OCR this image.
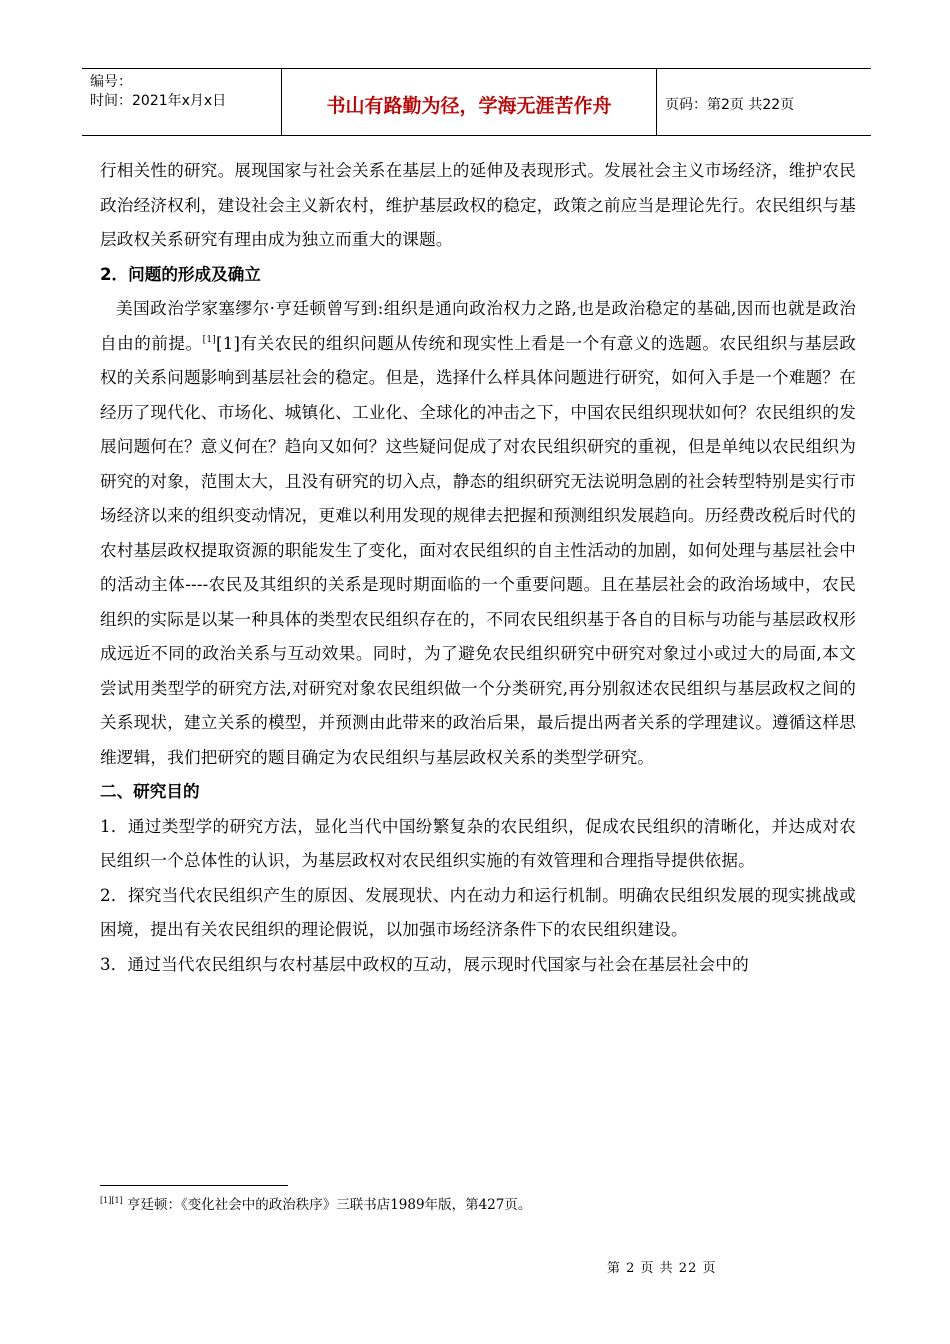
编号：
时间：2021年x月x日	书山有路勤为径，学海无涯苦作舟	页码：第2页 共22页

行相关性的研究。展现国家与社会关系在基层上的延伸及表现形式。发展社会主义市场经济，维护农民政治经济权利，建设社会主义新农村，维护基层政权的稳定，政策之前应当是理论先行。农民组织与基层政权关系研究有理由成为独立而重大的课题。

2．问题的形成及确立

美国政治学家塞缪尔·亨廷顿曾写到:组织是通向政治权力之路,也是政治稳定的基础,因而也就是政治自由的前提。[1][1]有关农民的组织问题从传统和现实性上看是一个有意义的选题。农民组织与基层政权的关系问题影响到基层社会的稳定。但是，选择什么样具体问题进行研究，如何入手是一个难题？在经历了现代化、市场化、城镇化、工业化、全球化的冲击之下，中国农民组织现状如何？农民组织的发展问题何在？意义何在？趋向又如何？这些疑问促成了对农民组织研究的重视，但是单纯以农民组织为研究的对象，范围太大，且没有研究的切入点，静态的组织研究无法说明急剧的社会转型特别是实行市场经济以来的组织变动情况，更难以利用发现的规律去把握和预测组织发展趋向。历经费改税后时代的农村基层政权提取资源的职能发生了变化，面对农民组织的自主性活动的加剧，如何处理与基层社会中的活动主体----农民及其组织的关系是现时期面临的一个重要问题。且在基层社会的政治场域中，农民组织的实际是以某一种具体的类型农民组织存在的，不同农民组织基于各自的目标与功能与基层政权形成远近不同的政治关系与互动效果。同时，为了避免农民组织研究中研究对象过小或过大的局面,本文尝试用类型学的研究方法,对研究对象农民组织做一个分类研究,再分别叙述农民组织与基层政权之间的关系现状，建立关系的模型，并预测由此带来的政治后果，最后提出两者关系的学理建议。遵循这样思维逻辑，我们把研究的题目确定为农民组织与基层政权关系的类型学研究。

二、研究目的

1．通过类型学的研究方法，显化当代中国纷繁复杂的农民组织，促成农民组织的清晰化，并达成对农民组织一个总体性的认识，为基层政权对农民组织实施的有效管理和合理指导提供依据。

2．探究当代农民组织产生的原因、发展现状、内在动力和运行机制。明确农民组织发展的现实挑战或困境，提出有关农民组织的理论假说，以加强市场经济条件下的农民组织建设。

3．通过当代农民组织与农村基层中政权的互动，展示现时代国家与社会在基层社会中的

[1][1] 亨廷顿：《变化社会中的政治秩序》三联书店1989年版，第427页。
第 2 页 共 22 页
